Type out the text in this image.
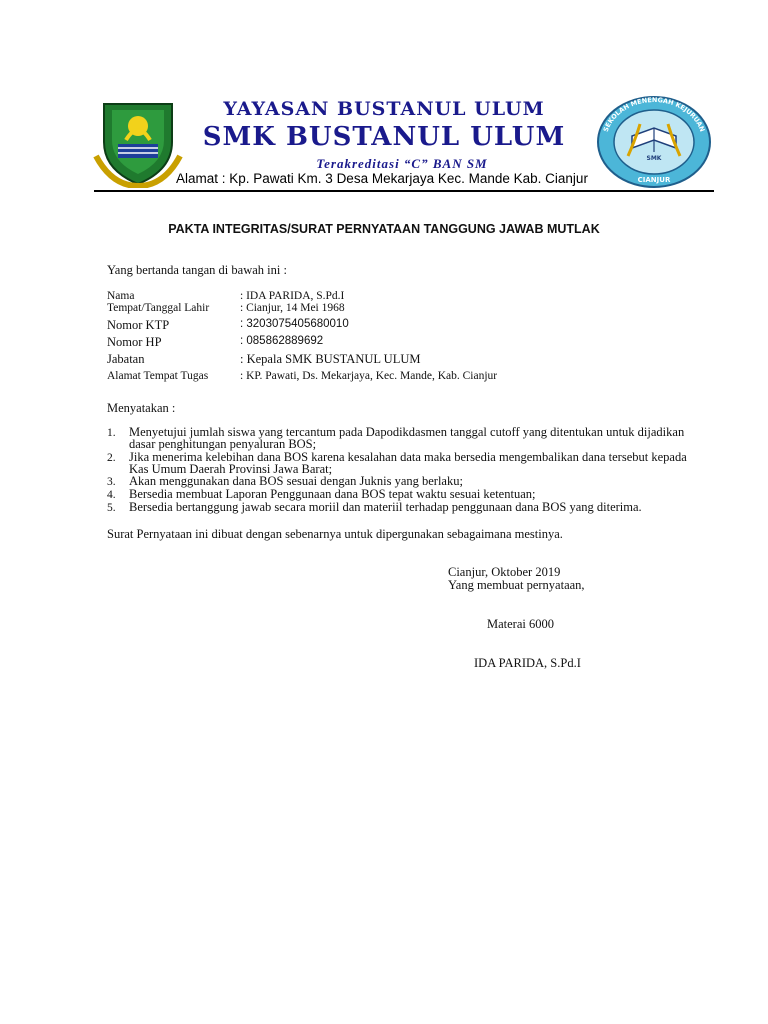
SMK
SEKOLAH MENENGAH KEJURUAN
CIANJUR
YAYASAN BUSTANUL ULUM
SMK BUSTANUL ULUM
Terakreditasi “C” BAN SM
Alamat : Kp. Pawati Km. 3 Desa Mekarjaya Kec. Mande Kab. Cianjur
PAKTA INTEGRITAS/SURAT PERNYATAAN TANGGUNG JAWAB MUTLAK
Yang bertanda tangan di bawah ini :
Nama	: IDA PARIDA, S.Pd.I
Tempat/Tanggal Lahir	: Cianjur, 14 Mei 1968
Nomor KTP	: 3203075405680010
Nomor HP	: 085862889692
Jabatan	: Kepala SMK BUSTANUL ULUM
Alamat Tempat Tugas	: KP. Pawati, Ds. Mekarjaya, Kec. Mande, Kab. Cianjur
Menyatakan :
1. Menyetujui jumlah siswa yang tercantum pada Dapodikdasmen tanggal cutoff yang ditentukan untuk dijadikan dasar penghitungan penyaluran BOS;
2. Jika menerima kelebihan dana BOS karena kesalahan data maka bersedia mengembalikan dana tersebut kepada Kas Umum Daerah Provinsi Jawa Barat;
3. Akan menggunakan dana BOS sesuai dengan Juknis yang berlaku;
4. Bersedia membuat Laporan Penggunaan dana BOS tepat waktu sesuai ketentuan;
5. Bersedia bertanggung jawab secara moriil dan materiil terhadap penggunaan dana BOS yang diterima.
Surat Pernyataan ini dibuat dengan sebenarnya untuk dipergunakan sebagaimana mestinya.
Cianjur, Oktober 2019
Yang membuat pernyataan,
Materai 6000
IDA PARIDA, S.Pd.I
